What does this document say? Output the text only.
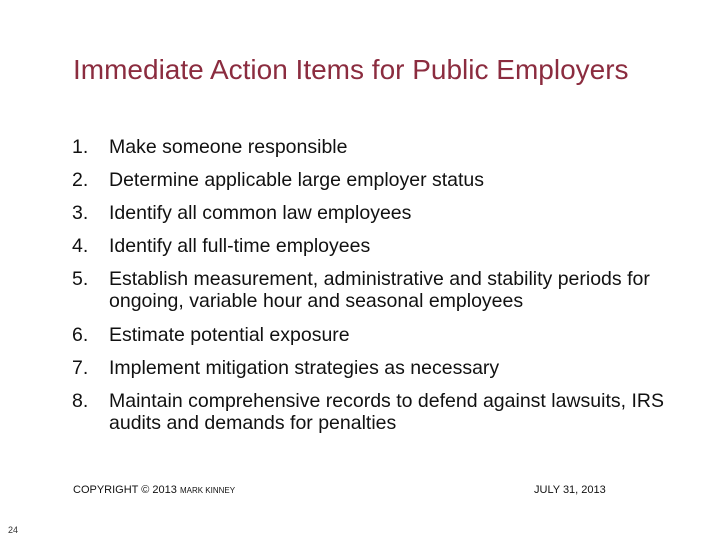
Immediate Action Items for Public Employers
1. Make someone responsible
2. Determine applicable large employer status
3. Identify all common law employees
4. Identify all full-time employees
5. Establish measurement, administrative and stability periods for ongoing, variable hour and seasonal employees
6. Estimate potential exposure
7. Implement mitigation strategies as necessary
8. Maintain comprehensive records to defend against lawsuits, IRS audits and demands for penalties
COPYRIGHT © 2013 MARK KINNEY	JULY 31, 2013
24
